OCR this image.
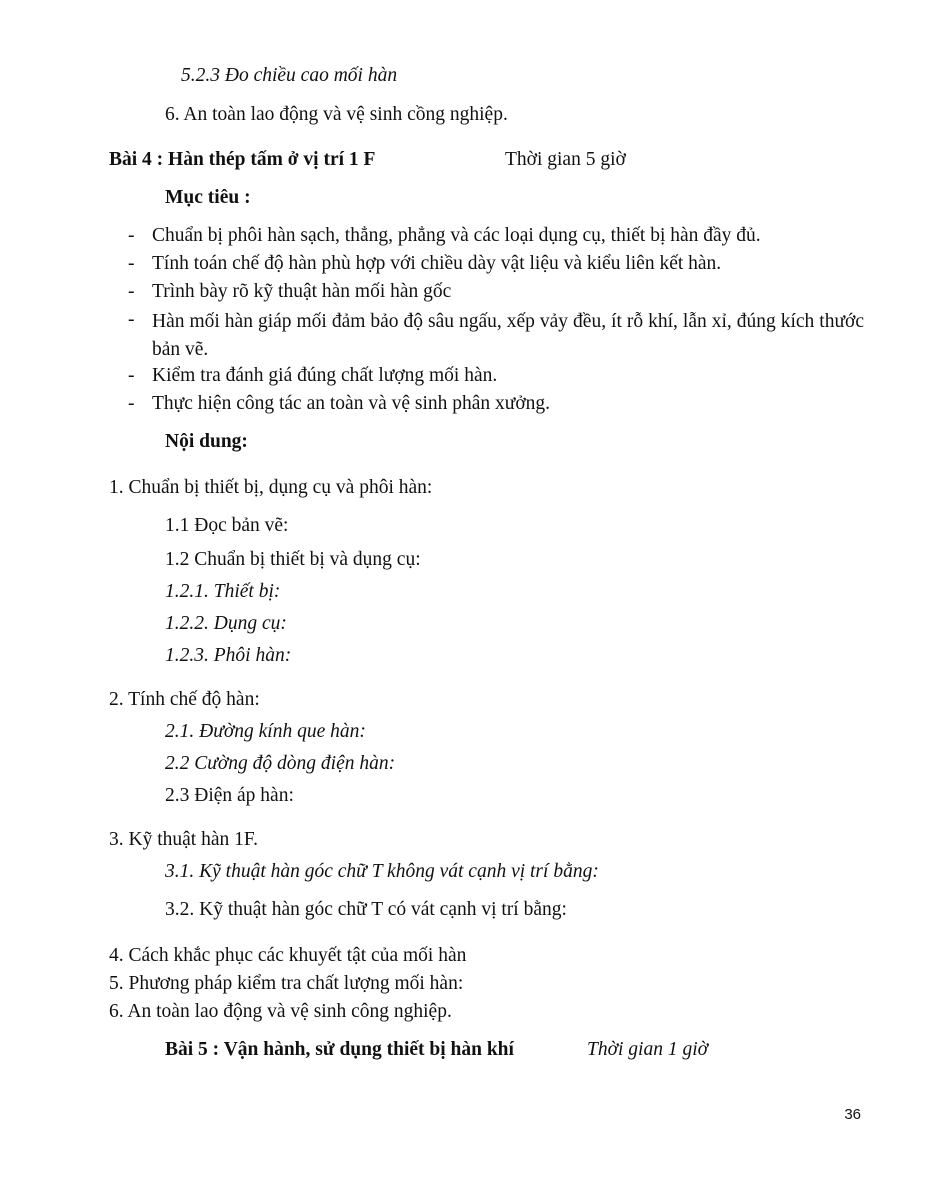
5.2.3 Đo chiều cao mối hàn
6. An toàn lao động và vệ sinh cồng nghiệp.
Bài 4 : Hàn thép tấm ở vị trí 1 F	Thời gian 5 giờ
Mục tiêu :
- Chuẩn bị phôi hàn sạch, thẳng, phẳng và các loại dụng cụ, thiết bị hàn đầy đủ.
- Tính toán chế độ hàn phù hợp với chiều dày vật liệu và kiểu liên kết hàn.
- Trình bày rõ kỹ thuật hàn mối hàn gốc
- Hàn mối hàn giáp mối đảm bảo độ sâu ngấu, xếp vảy đều, ít rỗ khí, lẫn xỉ, đúng kích thước bản vẽ.
- Kiểm tra đánh giá đúng chất lượng mối hàn.
- Thực hiện công tác an toàn và vệ sinh phân xưởng.
Nội dung:
1. Chuẩn bị thiết bị, dụng cụ và phôi hàn:
1.1 Đọc bản vẽ:
1.2 Chuẩn bị thiết bị và dụng cụ:
1.2.1. Thiết bị:
1.2.2. Dụng cụ:
1.2.3. Phôi hàn:
2. Tính chế độ hàn:
2.1. Đường kính que hàn:
2.2 Cường độ dòng điện hàn:
2.3 Điện áp hàn:
3. Kỹ thuật hàn 1F.
3.1. Kỹ thuật hàn góc chữ T không vát cạnh vị trí bằng:
3.2. Kỹ thuật hàn góc chữ T có vát cạnh vị trí bằng:
4. Cách khắc phục các khuyết tật của mối hàn
5. Phương pháp kiểm tra chất lượng mối hàn:
6. An toàn lao động và vệ sinh công nghiệp.
Bài 5 : Vận hành, sử dụng thiết bị hàn khí	Thời gian 1 giờ
36
